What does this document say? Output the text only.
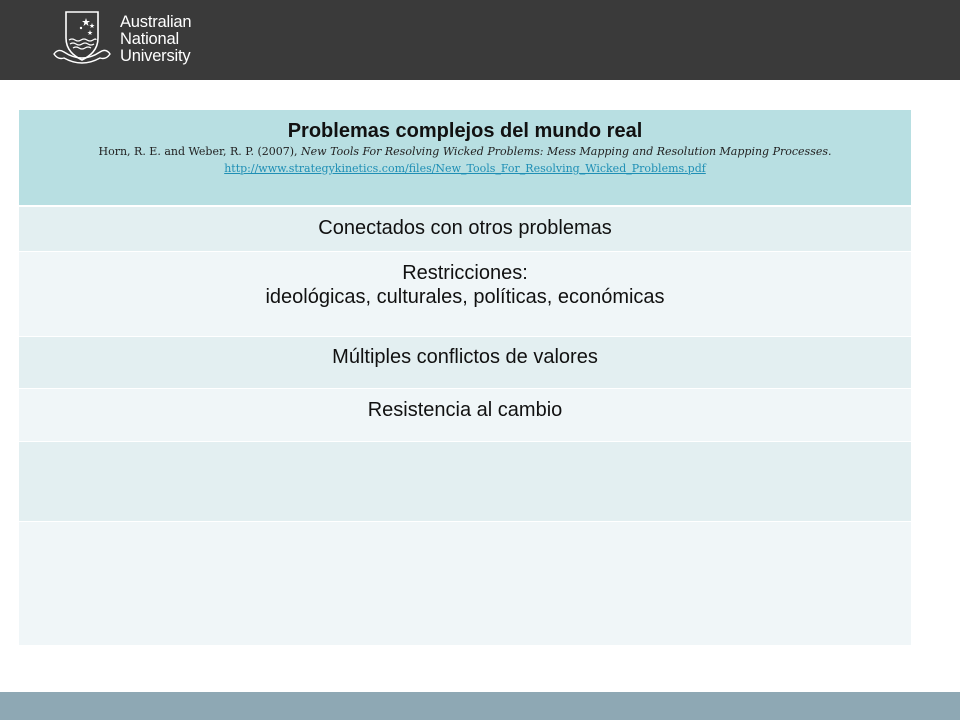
Australian
National
University
Problemas complejos del mundo real
Horn, R. E. and Weber, R. P. (2007), New Tools For Resolving Wicked Problems: Mess Mapping and Resolution Mapping Processes.
http://www.strategykinetics.com/files/New_Tools_For_Resolving_Wicked_Problems.pdf
Conectados con otros problemas
Restricciones:
ideológicas, culturales, políticas, económicas
Múltiples conflictos de valores
Resistencia al cambio
